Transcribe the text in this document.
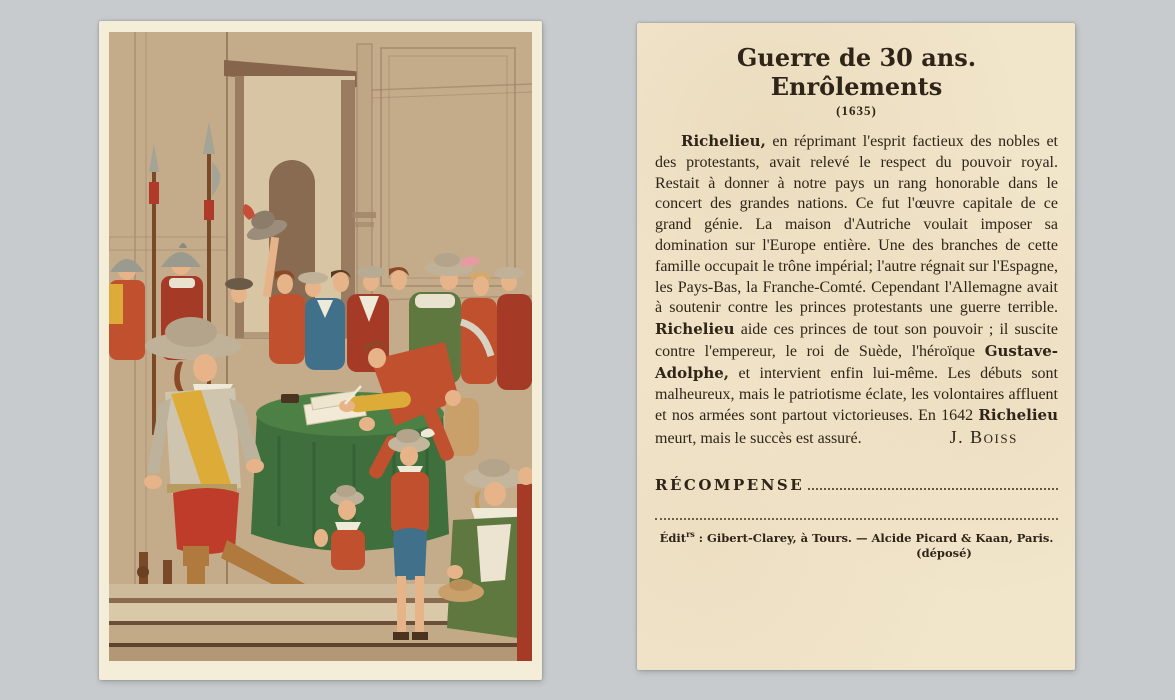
Guerre de 30 ans. Enrôlements
(1635)

Richelieu, en réprimant l'esprit factieux des nobles et des protestants, avait relevé le respect du pouvoir royal. Restait à donner à notre pays un rang honorable dans le concert des grandes nations. Ce fut l'œuvre capitale de ce grand génie. La maison d'Autriche voulait imposer sa domination sur l'Europe entière. Une des branches de cette famille occupait le trône impérial; l'autre régnait sur l'Espagne, les Pays-Bas, la Franche-Comté. Cependant l'Allemagne avait à soutenir contre les princes protestants une guerre terrible. Richelieu aide ces princes de tout son pouvoir ; il suscite contre l'empereur, le roi de Suède, l'héroïque Gustave-Adolphe, et intervient enfin lui-même. Les débuts sont malheureux, mais le patriotisme éclate, les volontaires affluent et nos armées sont partout victorieuses. En 1642 Richelieu meurt, mais le succès est assuré.	J. Boiss

RÉCOMPENSE
Édit$^{rs}$ : Gibert-Clarey, à Tours. — Alcide Picard & Kaan, Paris.
(déposé)
